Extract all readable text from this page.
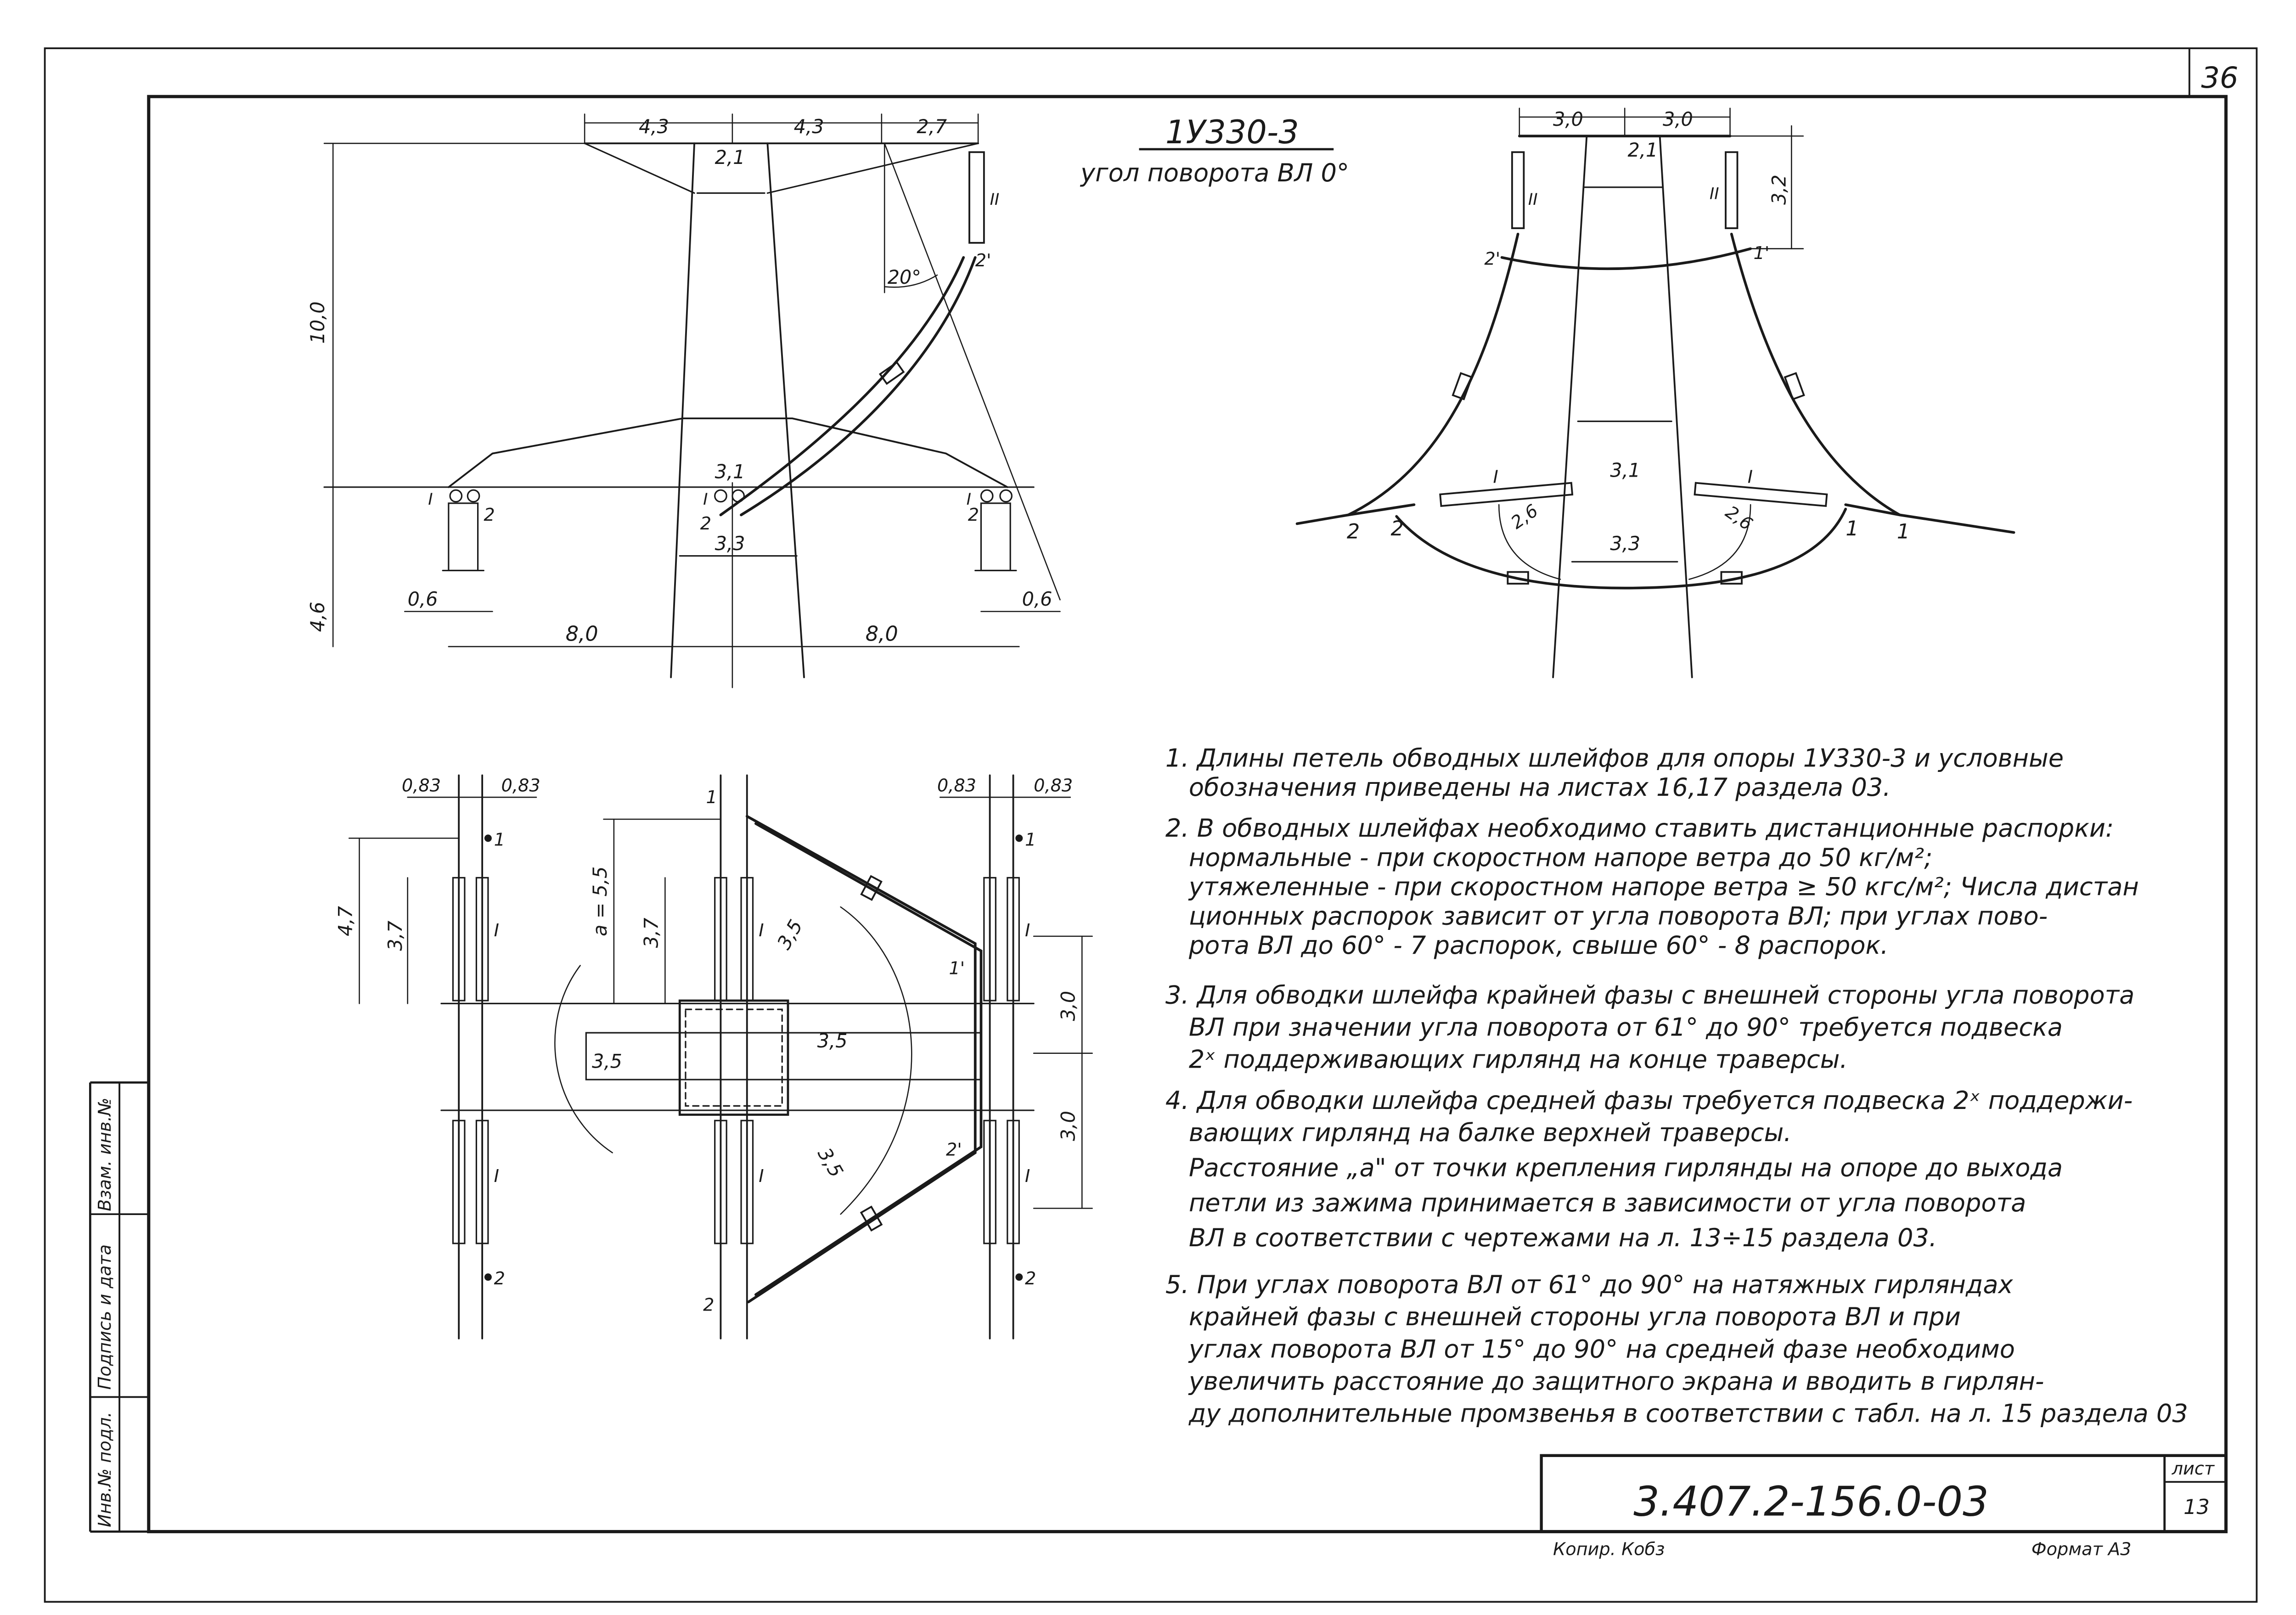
36
Взам. инв.№
Подпись и дата
Инв.№ подл.	3.407.2-156.0-03
лист
13
Копир. Кобз	Формат А3
1У330-3
угол поворота ВЛ 0°
4,3	4,3	2,7
2,1
10,0
4,6
20°
3,1
3,3
0,6	0,6
8,0	8,0
II
2'
I
2
I
2
I
2
3,0	3,0
2,1
3,2
3,1
3,3
2,6	2,6
II	II
2'	1'
I	I
2	2	1	1
0,83	0,83	0,83	0,83
4,7	3,7	a = 5,5	3,7	3,5
3,5
3,5
3,5
3,0
3,0
1
I
I
2
1
I
I
2
1'
2'
1
I
I
2
1. Длины петель обводных шлейфов для опоры 1У330-3 и условные
обозначения приведены на листах 16,17 раздела 03.
2. В обводных шлейфах необходимо ставить дистанционные распорки:
нормальные - при скоростном напоре ветра до 50 кг/м²;
утяжеленные - при скоростном напоре ветра ≥ 50 кгс/м²; Числа дистан
ционных распорок зависит от угла поворота ВЛ; при углах пово-
рота ВЛ до 60° - 7 распорок, свыше 60° - 8 распорок.
3. Для обводки шлейфа крайней фазы с внешней стороны угла поворота
ВЛ при значении угла поворота от 61° до 90° требуется подвеска
2ˣ поддерживающих гирлянд на конце траверсы.
4. Для обводки шлейфа средней фазы требуется подвеска 2ˣ поддержи-
вающих гирлянд на балке верхней траверсы.
Расстояние „а" от точки крепления гирлянды на опоре до выхода
петли из зажима принимается в зависимости от угла поворота
ВЛ в соответствии с чертежами на л. 13÷15 раздела 03.
5. При углах поворота ВЛ от 61° до 90° на натяжных гирляндах
крайней фазы с внешней стороны угла поворота ВЛ и при
углах поворота ВЛ от 15° до 90° на средней фазе необходимо
увеличить расстояние до защитного экрана и вводить в гирлян-
ду дополнительные промзвенья в соответствии с табл. на л. 15 раздела 03
